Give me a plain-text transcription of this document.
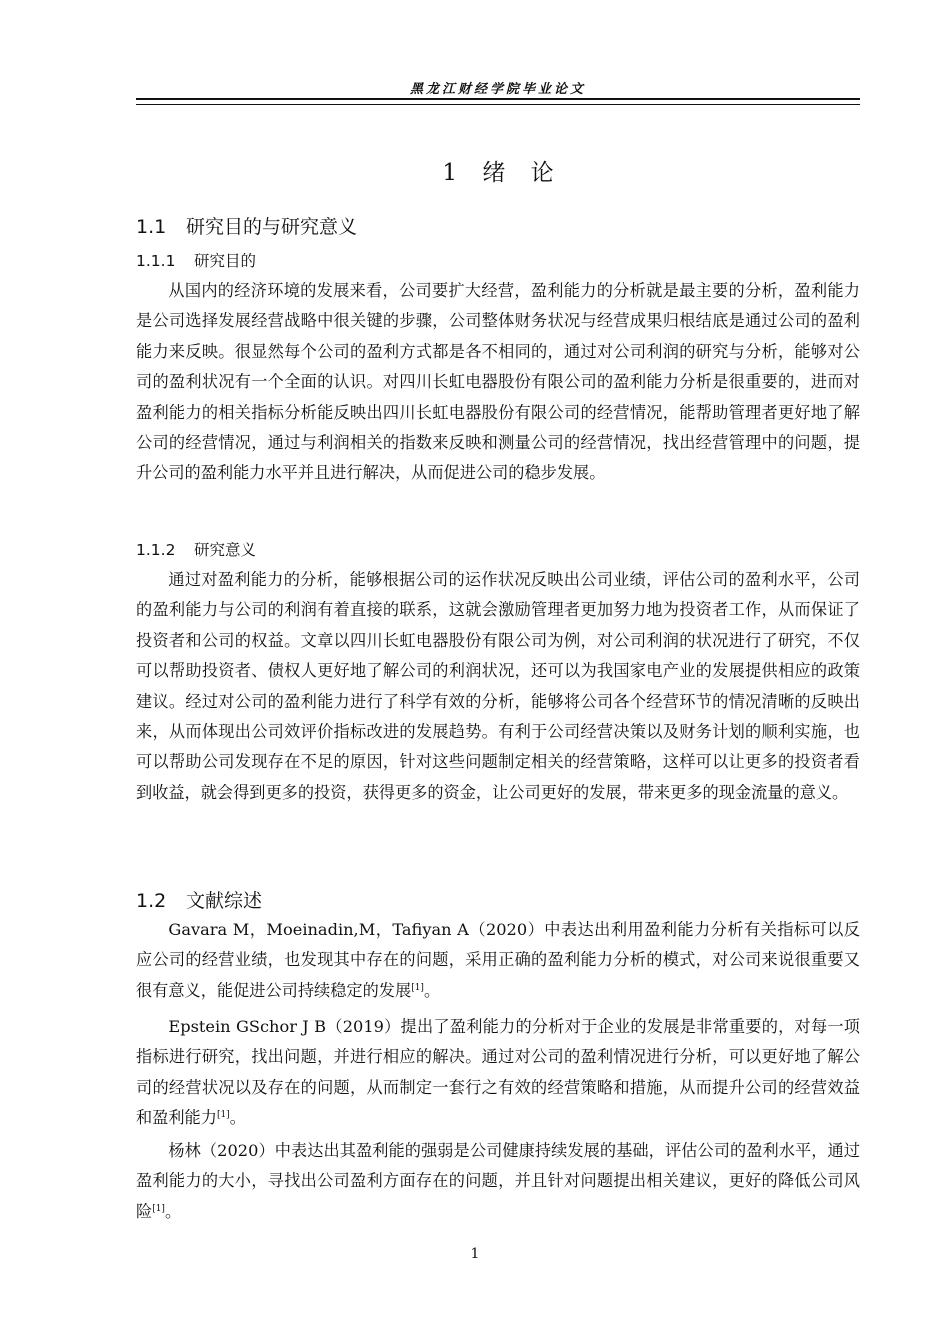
黑龙江财经学院毕业论文
1 绪 论
1.1 研究目的与研究意义
1.1.1 研究目的

从国内的经济环境的发展来看，公司要扩大经营，盈利能力的分析就是最主要的分析，盈利能力是公司选择发展经营战略中很关键的步骤，公司整体财务状况与经营成果归根结底是通过公司的盈利能力来反映。很显然每个公司的盈利方式都是各不相同的，通过对公司利润的研究与分析，能够对公司的盈利状况有一个全面的认识。对四川长虹电器股份有限公司的盈利能力分析是很重要的，进而对盈利能力的相关指标分析能反映出四川长虹电器股份有限公司的经营情况，能帮助管理者更好地了解公司的经营情况，通过与利润相关的指数来反映和测量公司的经营情况，找出经营管理中的问题，提升公司的盈利能力水平并且进行解决，从而促进公司的稳步发展。

1.1.2 研究意义

通过对盈利能力的分析，能够根据公司的运作状况反映出公司业绩，评估公司的盈利水平，公司的盈利能力与公司的利润有着直接的联系，这就会激励管理者更加努力地为投资者工作，从而保证了投资者和公司的权益。文章以四川长虹电器股份有限公司为例，对公司利润的状况进行了研究，不仅可以帮助投资者、债权人更好地了解公司的利润状况，还可以为我国家电产业的发展提供相应的政策建议。经过对公司的盈利能力进行了科学有效的分析，能够将公司各个经营环节的情况清晰的反映出来，从而体现出公司效评价指标改进的发展趋势。有利于公司经营决策以及财务计划的顺利实施，也可以帮助公司发现存在不足的原因，针对这些问题制定相关的经营策略，这样可以让更多的投资者看到收益，就会得到更多的投资，获得更多的资金，让公司更好的发展，带来更多的现金流量的意义。

1.2 文献综述

Gavara M，Moeinadin,M，Tafiyan A（2020）中表达出利用盈利能力分析有关指标可以反应公司的经营业绩，也发现其中存在的问题，采用正确的盈利能力分析的模式，对公司来说很重要又很有意义，能促进公司持续稳定的发展[1]。

Epstein GSchor J B（2019）提出了盈利能力的分析对于企业的发展是非常重要的，对每一项指标进行研究，找出问题，并进行相应的解决。通过对公司的盈利情况进行分析，可以更好地了解公司的经营状况以及存在的问题，从而制定一套行之有效的经营策略和措施，从而提升公司的经营效益和盈利能力[1]。

杨林（2020）中表达出其盈利能的强弱是公司健康持续发展的基础，评估公司的盈利水平，通过盈利能力的大小，寻找出公司盈利方面存在的问题，并且针对问题提出相关建议，更好的降低公司风险[1]。

1
